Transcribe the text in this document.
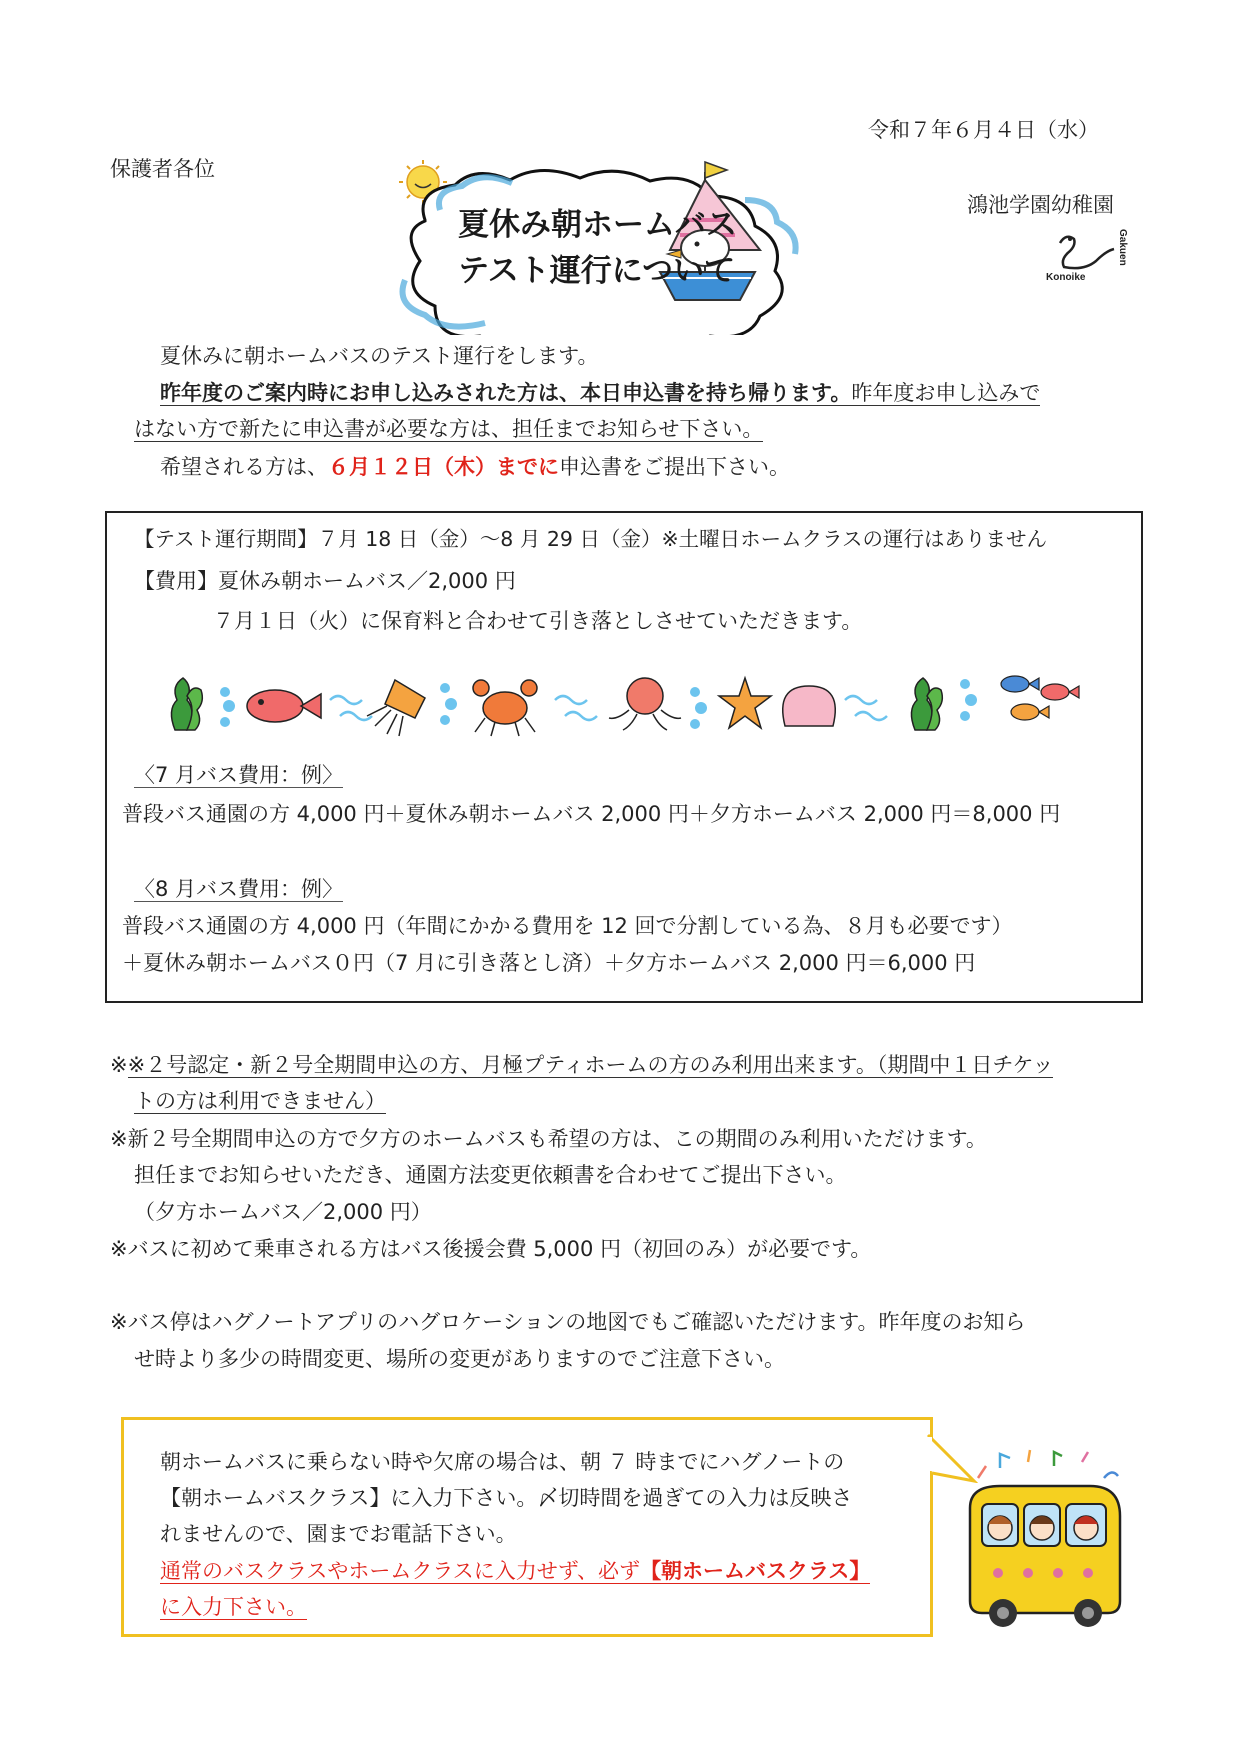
令和７年６月４日（水）
保護者各位
鴻池学園幼稚園
Konoike
Gakuen
夏休み朝ホームバス
テスト運行について
夏休みに朝ホームバスのテスト運行をします。
昨年度のご案内時にお申し込みされた方は、本日申込書を持ち帰ります。昨年度お申し込みで
はない方で新たに申込書が必要な方は、担任までお知らせ下さい。
希望される方は、６月１２日（木）までに申込書をご提出下さい。
【テスト運行期間】７月 18 日（金）～8 月 29 日（金）※土曜日ホームクラスの運行はありません
【費用】夏休み朝ホームバス／2,000 円
７月１日（火）に保育料と合わせて引き落としさせていただきます。
〈7 月バス費用：例〉
普段バス通園の方 4,000 円＋夏休み朝ホームバス 2,000 円＋夕方ホームバス 2,000 円＝8,000 円
〈8 月バス費用：例〉
普段バス通園の方 4,000 円（年間にかかる費用を 12 回で分割している為、８月も必要です）
＋夏休み朝ホームバス０円（7 月に引き落とし済）＋夕方ホームバス 2,000 円＝6,000 円
※※２号認定・新２号全期間申込の方、月極プティホームの方のみ利用出来ます。（期間中１日チケッ
トの方は利用できません）
※新２号全期間申込の方で夕方のホームバスも希望の方は、この期間のみ利用いただけます。
担任までお知らせいただき、通園方法変更依頼書を合わせてご提出下さい。
（夕方ホームバス／2,000 円）
※バスに初めて乗車される方はバス後援会費 5,000 円（初回のみ）が必要です。
※バス停はハグノートアプリのハグロケーションの地図でもご確認いただけます。昨年度のお知ら
せ時より多少の時間変更、場所の変更がありますのでご注意下さい。
朝ホームバスに乗らない時や欠席の場合は、朝 ７ 時までにハグノートの
【朝ホームバスクラス】に入力下さい。〆切時間を過ぎての入力は反映さ
れませんので、園までお電話下さい。
通常のバスクラスやホームクラスに入力せず、必ず【朝ホームバスクラス】
に入力下さい。
